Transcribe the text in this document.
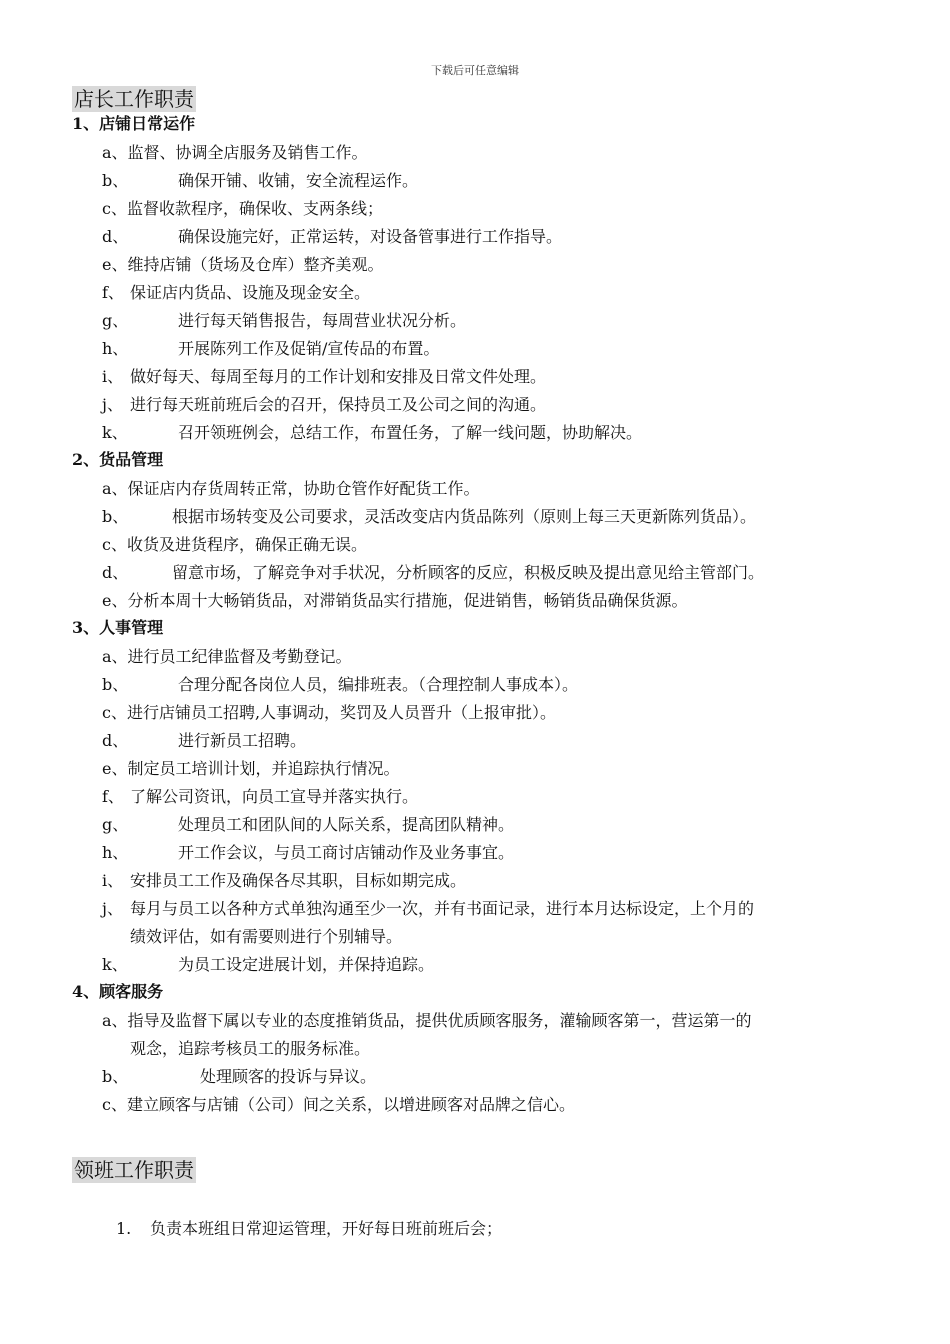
下载后可任意编辑
店长工作职责
1、店铺日常运作
a、监督、协调全店服务及销售工作。
b、	确保开铺、收铺，安全流程运作。
c、监督收款程序，确保收、支两条线；
d、	确保设施完好，正常运转，对设备管事进行工作指导。
e、维持店铺（货场及仓库）整齐美观。
f、 保证店内货品、设施及现金安全。
g、	进行每天销售报告，每周营业状况分析。
h、	开展陈列工作及促销/宣传品的布置。
i、 做好每天、每周至每月的工作计划和安排及日常文件处理。
j、 进行每天班前班后会的召开，保持员工及公司之间的沟通。
k、	召开领班例会，总结工作，布置任务，了解一线问题，协助解决。
2、货品管理
a、保证店内存货周转正常，协助仓管作好配货工作。
b、	根据市场转变及公司要求，灵活改变店内货品陈列（原则上每三天更新陈列货品）。
c、收货及进货程序，确保正确无误。
d、	留意市场，了解竞争对手状况，分析顾客的反应，积极反映及提出意见给主管部门。
e、分析本周十大畅销货品，对滞销货品实行措施，促进销售，畅销货品确保货源。
3、人事管理
a、进行员工纪律监督及考勤登记。
b、	合理分配各岗位人员，编排班表。（合理控制人事成本）。
c、进行店铺员工招聘,人事调动，奖罚及人员晋升（上报审批）。
d、	进行新员工招聘。
e、制定员工培训计划，并追踪执行情况。
f、 了解公司资讯，向员工宣导并落实执行。
g、	处理员工和团队间的人际关系，提高团队精神。
h、	开工作会议，与员工商讨店铺动作及业务事宜。
i、 安排员工工作及确保各尽其职，目标如期完成。
j、 每月与员工以各种方式单独沟通至少一次，并有书面记录，进行本月达标设定，上个月的
绩效评估，如有需要则进行个别辅导。
k、	为员工设定进展计划，并保持追踪。
4、顾客服务
a、指导及监督下属以专业的态度推销货品，提供优质顾客服务，灌输顾客第一，营运第一的
观念，追踪考核员工的服务标准。
b、	处理顾客的投诉与异议。
c、建立顾客与店铺（公司）间之关系，以增进顾客对品牌之信心。
领班工作职责
1. 负责本班组日常迎运管理，开好每日班前班后会；
